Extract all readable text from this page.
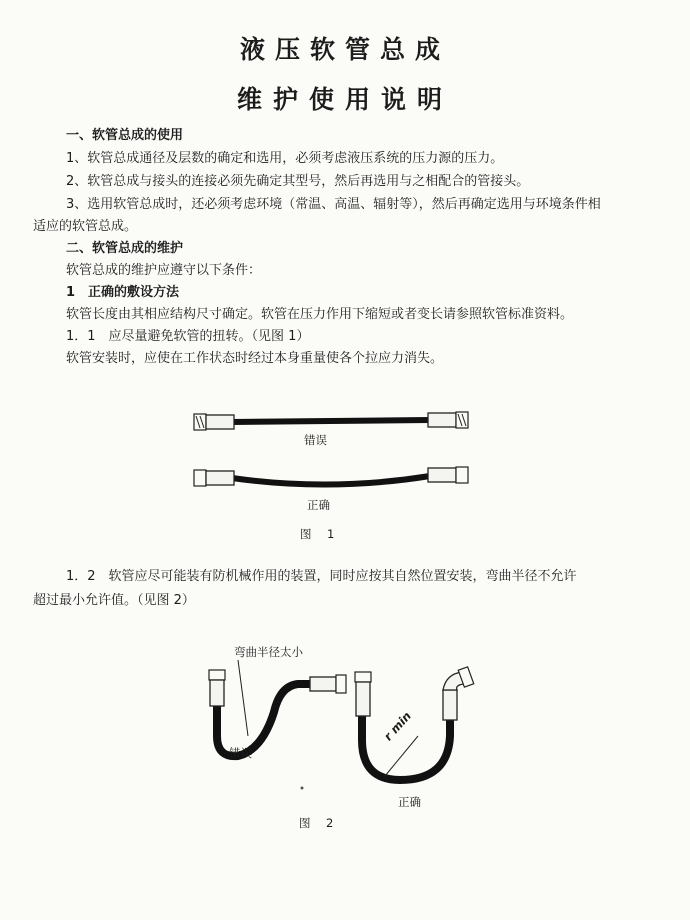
液压软管总成
维护使用说明
一、软管总成的使用
1、软管总成通径及层数的确定和选用，必须考虑液压系统的压力源的压力。
2、软管总成与接头的连接必须先确定其型号，然后再选用与之相配合的管接头。
3、选用软管总成时，还必须考虑环境（常温、高温、辐射等），然后再确定选用与环境条件相
适应的软管总成。
二、软管总成的维护
软管总成的维护应遵守以下条件：
1　正确的敷设方法
软管长度由其相应结构尺寸确定。软管在压力作用下缩短或者变长请参照软管标准资料。
1．1　应尽量避免软管的扭转。（见图 1）
软管安装时，应使在工作状态时经过本身重量使各个拉应力消失。
错误
正确
图　1
1．2　软管应尽可能装有防机械作用的装置，同时应按其自然位置安装，弯曲半径不允许
超过最小允许值。（见图 2）
弯曲半径太小
错误
r min
正确
图　2
